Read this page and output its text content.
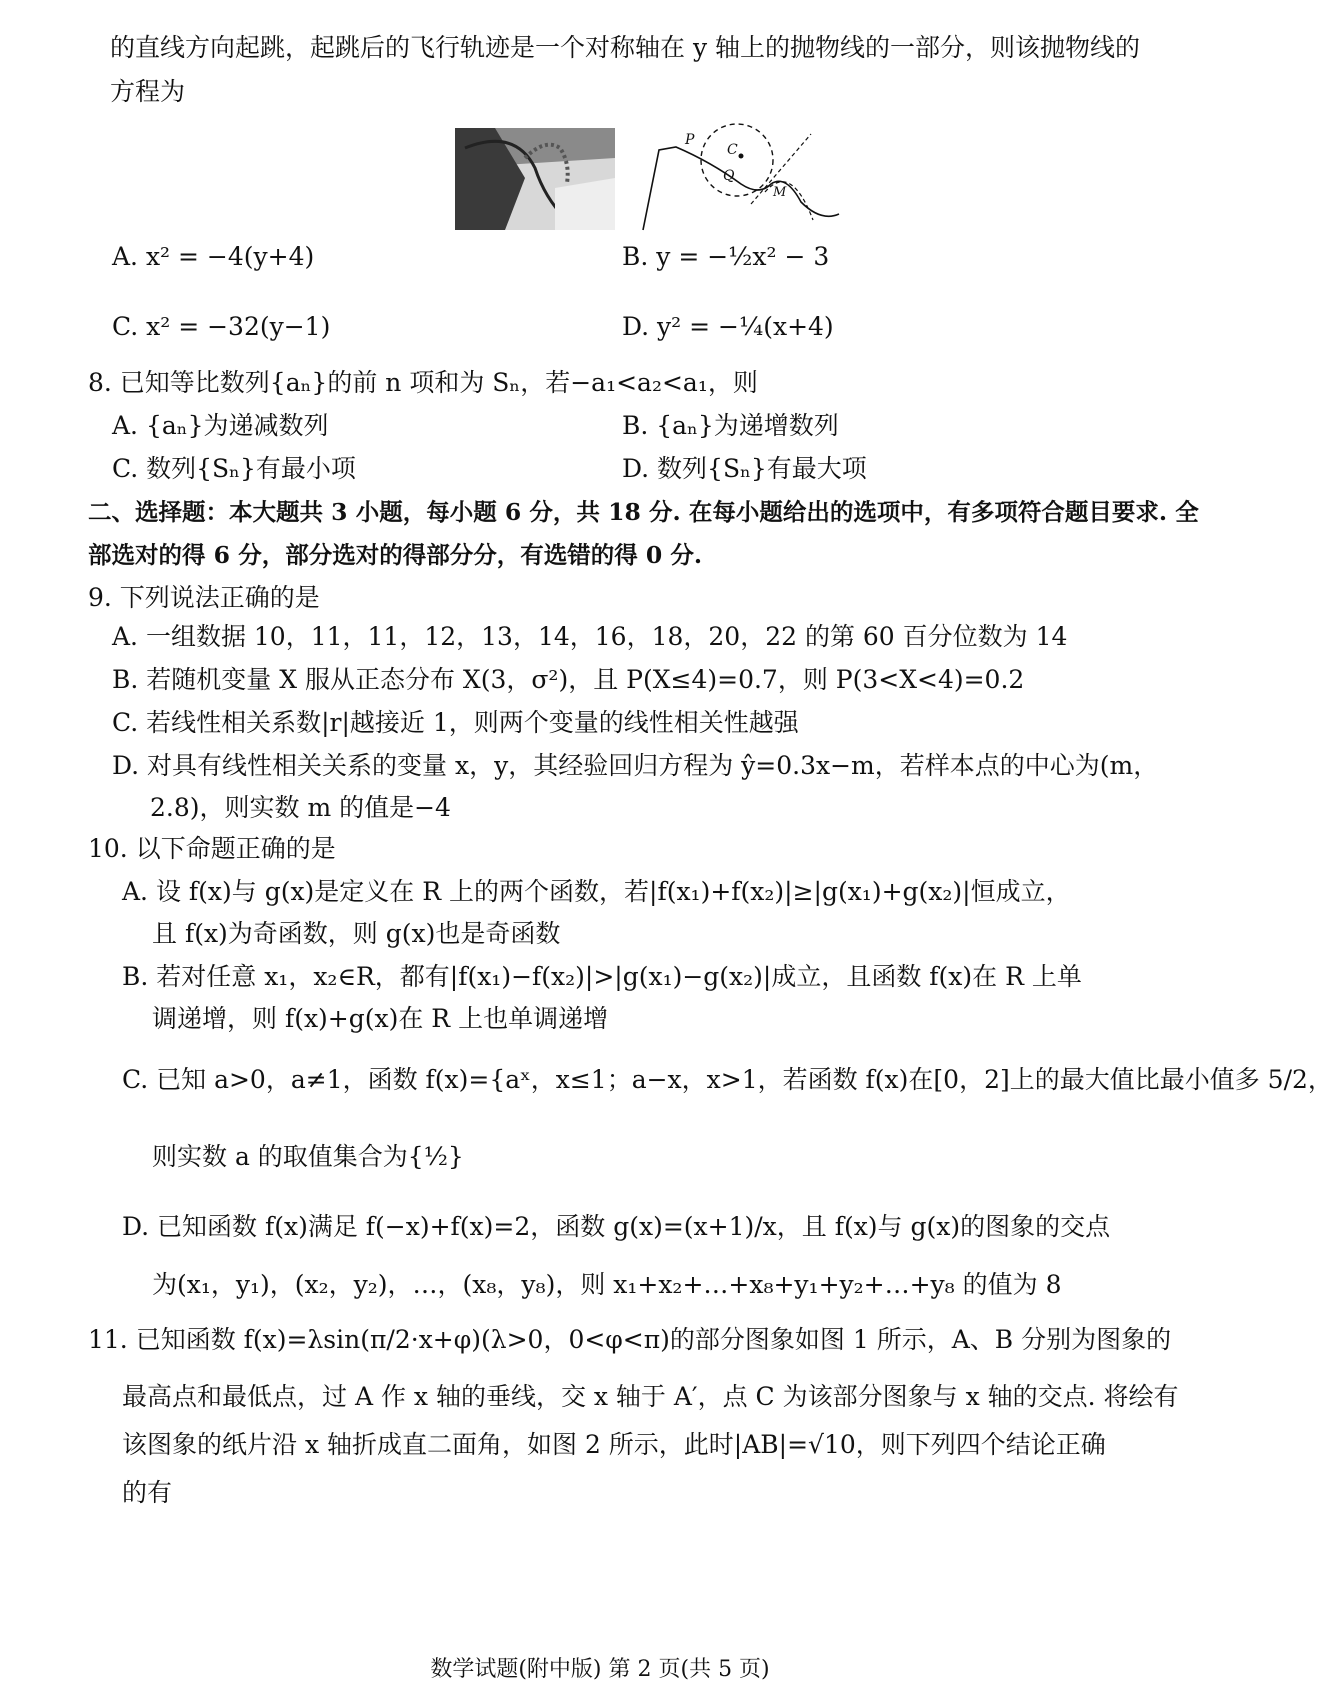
的直线方向起跳，起跳后的飞行轨迹是一个对称轴在 y 轴上的抛物线的一部分，则该抛物线的
方程为
P
C
Q
M
A. x² = −4(y+4)	B. y = −½x² − 3
C. x² = −32(y−1)	D. y² = −¼(x+4)
8. 已知等比数列{aₙ}的前 n 项和为 Sₙ，若−a₁<a₂<a₁，则
A. {aₙ}为递减数列	B. {aₙ}为递增数列
C. 数列{Sₙ}有最小项	D. 数列{Sₙ}有最大项
二、选择题：本大题共 3 小题，每小题 6 分，共 18 分. 在每小题给出的选项中，有多项符合题目要求. 全
部选对的得 6 分，部分选对的得部分分，有选错的得 0 分.
9. 下列说法正确的是
A. 一组数据 10，11，11，12，13，14，16，18，20，22 的第 60 百分位数为 14
B. 若随机变量 X 服从正态分布 X(3，σ²)，且 P(X≤4)=0.7，则 P(3<X<4)=0.2
C. 若线性相关系数|r|越接近 1，则两个变量的线性相关性越强
D. 对具有线性相关关系的变量 x，y，其经验回归方程为 ŷ=0.3x−m，若样本点的中心为(m，
2.8)，则实数 m 的值是−4
10. 以下命题正确的是
A. 设 f(x)与 g(x)是定义在 R 上的两个函数，若|f(x₁)+f(x₂)|≥|g(x₁)+g(x₂)|恒成立，
且 f(x)为奇函数，则 g(x)也是奇函数
B. 若对任意 x₁，x₂∈R，都有|f(x₁)−f(x₂)|>|g(x₁)−g(x₂)|成立，且函数 f(x)在 R 上单
调递增，则 f(x)+g(x)在 R 上也单调递增
C. 已知 a>0，a≠1，函数 f(x)={aˣ，x≤1；a−x，x>1，若函数 f(x)在[0，2]上的最大值比最小值多 5/2，
则实数 a 的取值集合为{½}
D. 已知函数 f(x)满足 f(−x)+f(x)=2，函数 g(x)=(x+1)/x，且 f(x)与 g(x)的图象的交点
为(x₁，y₁)，(x₂，y₂)，…，(x₈，y₈)，则 x₁+x₂+…+x₈+y₁+y₂+…+y₈ 的值为 8
11. 已知函数 f(x)=λsin(π/2·x+φ)(λ>0，0<φ<π)的部分图象如图 1 所示，A、B 分别为图象的
最高点和最低点，过 A 作 x 轴的垂线，交 x 轴于 A′，点 C 为该部分图象与 x 轴的交点. 将绘有
该图象的纸片沿 x 轴折成直二面角，如图 2 所示，此时|AB|=√10，则下列四个结论正确
的有
数学试题(附中版) 第 2 页(共 5 页)
